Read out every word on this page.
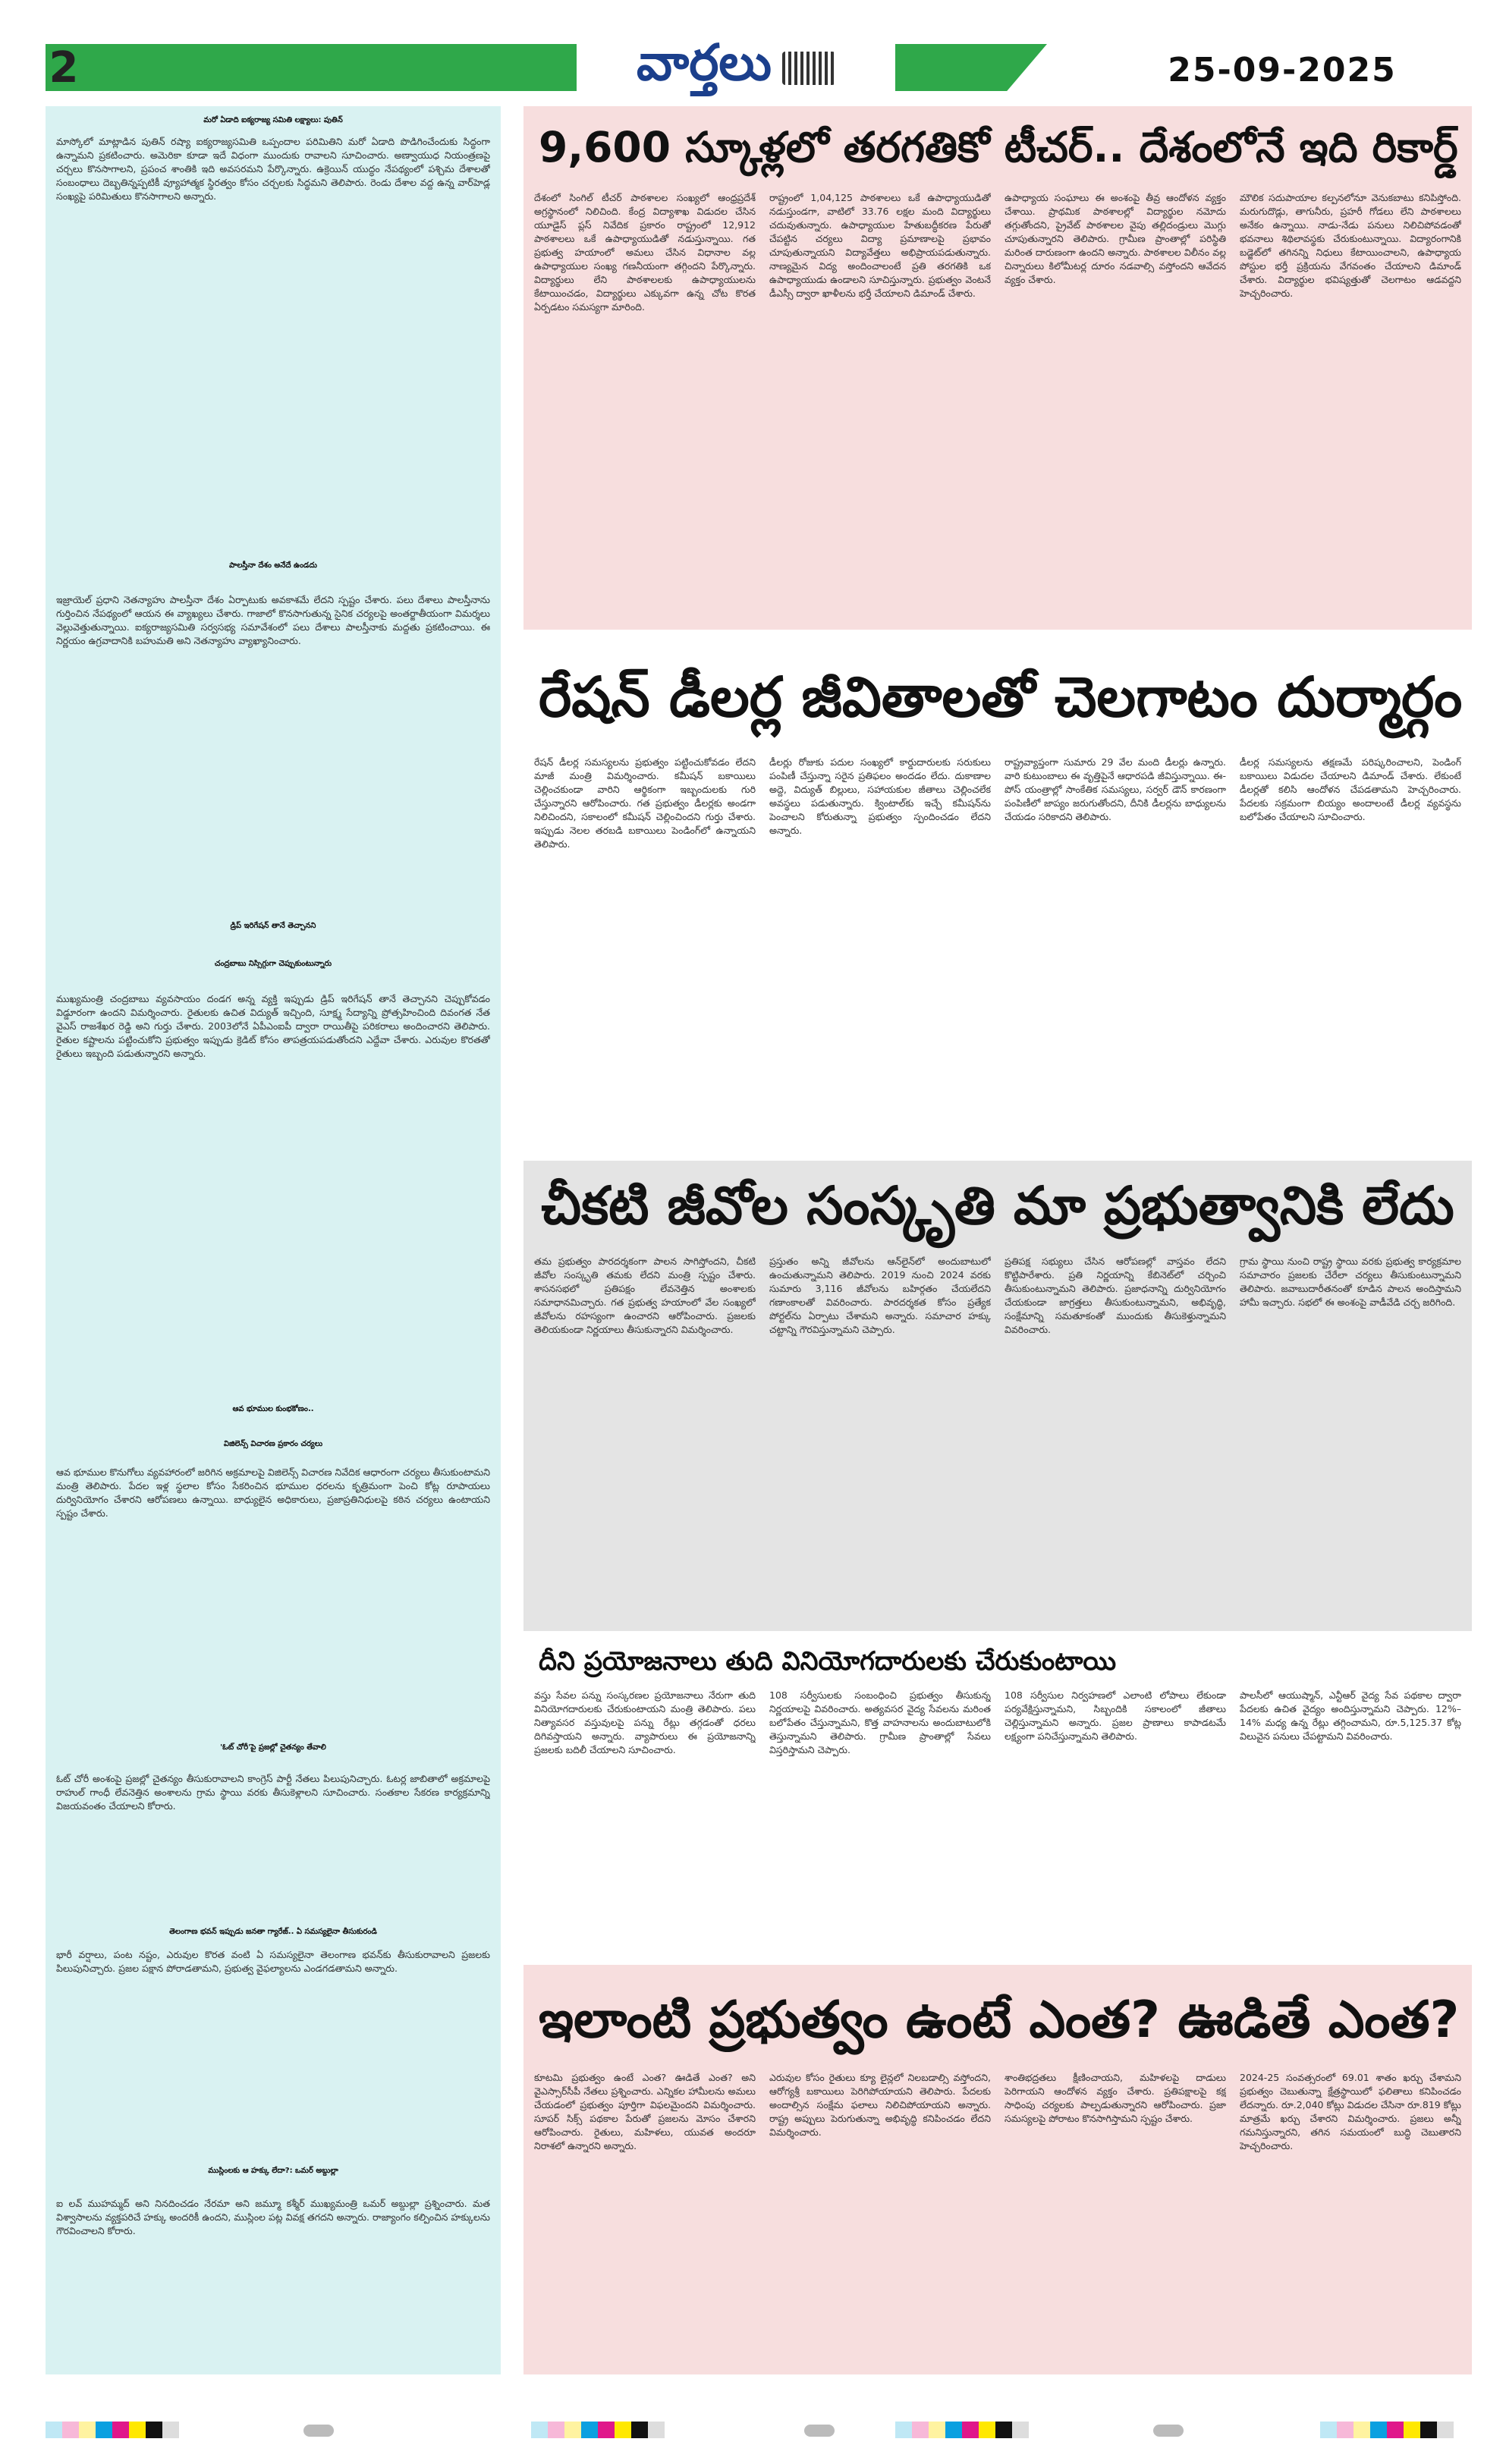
2	వార్తలు	25-09-2025
మరో ఏడాది ఐక్యరాజ్య సమితి లక్ష్యాలు: పుతిన్
మాస్కోలో మాట్లాడిన పుతిన్ రష్యా ఐక్యరాజ్యసమితి ఒప్పందాల పరిమితిని మరో ఏడాది పొడిగించేందుకు సిద్ధంగా ఉన్నామని ప్రకటించారు. అమెరికా కూడా ఇదే విధంగా ముందుకు రావాలని సూచించారు. అణ్వాయుధ నియంత్రణపై చర్చలు కొనసాగాలని, ప్రపంచ శాంతికి ఇది అవసరమని పేర్కొన్నారు. ఉక్రెయిన్ యుద్ధం నేపథ్యంలో పశ్చిమ దేశాలతో సంబంధాలు దెబ్బతిన్నప్పటికీ వ్యూహాత్మక స్థిరత్వం కోసం చర్చలకు సిద్ధమని తెలిపారు. రెండు దేశాల వద్ద ఉన్న వార్‌హెడ్ల సంఖ్యపై పరిమితులు కొనసాగాలని అన్నారు.
పాలస్తీనా దేశం అనేదే ఉండదు
ఇజ్రాయెల్ ప్రధాని నెతన్యాహు పాలస్తీనా దేశం ఏర్పాటుకు అవకాశమే లేదని స్పష్టం చేశారు. పలు దేశాలు పాలస్తీనాను గుర్తించిన నేపథ్యంలో ఆయన ఈ వ్యాఖ్యలు చేశారు. గాజాలో కొనసాగుతున్న సైనిక చర్యలపై అంతర్జాతీయంగా విమర్శలు వెల్లువెత్తుతున్నాయి. ఐక్యరాజ్యసమితి సర్వసభ్య సమావేశంలో పలు దేశాలు పాలస్తీనాకు మద్దతు ప్రకటించాయి. ఈ నిర్ణయం ఉగ్రవాదానికి బహుమతి అని నెతన్యాహు వ్యాఖ్యానించారు.
డ్రిప్ ఇరిగేషన్ తానే తెచ్చానని
చంద్రబాబు నిస్సిగ్గుగా చెప్పుకుంటున్నారు
ముఖ్యమంత్రి చంద్రబాబు వ్యవసాయం దండగ అన్న వ్యక్తి ఇప్పుడు డ్రిప్ ఇరిగేషన్ తానే తెచ్చానని చెప్పుకోవడం విడ్డూరంగా ఉందని విమర్శించారు. రైతులకు ఉచిత విద్యుత్ ఇచ్చింది, సూక్ష్మ సేద్యాన్ని ప్రోత్సహించింది దివంగత నేత వైఎస్ రాజశేఖర రెడ్డి అని గుర్తు చేశారు. 2003లోనే ఏపీఎంఐపీ ద్వారా రాయితీపై పరికరాలు అందించారని తెలిపారు. రైతుల కష్టాలను పట్టించుకోని ప్రభుత్వం ఇప్పుడు క్రెడిట్ కోసం తాపత్రయపడుతోందని ఎద్దేవా చేశారు. ఎరువుల కొరతతో రైతులు ఇబ్బంది పడుతున్నారని అన్నారు.
ఆవ భూముల కుంభకోణం..
విజిలెన్స్ విచారణ ప్రకారం చర్యలు
ఆవ భూముల కొనుగోలు వ్యవహారంలో జరిగిన అక్రమాలపై విజిలెన్స్ విచారణ నివేదిక ఆధారంగా చర్యలు తీసుకుంటామని మంత్రి తెలిపారు. పేదల ఇళ్ల స్థలాల కోసం సేకరించిన భూముల ధరలను కృత్రిమంగా పెంచి కోట్ల రూపాయలు దుర్వినియోగం చేశారని ఆరోపణలు ఉన్నాయి. బాధ్యులైన అధికారులు, ప్రజాప్రతినిధులపై కఠిన చర్యలు ఉంటాయని స్పష్టం చేశారు.
'ఓట్ చోరీ'పై ప్రజల్లో చైతన్యం తేవాలి
ఓట్ చోరీ అంశంపై ప్రజల్లో చైతన్యం తీసుకురావాలని కాంగ్రెస్ పార్టీ నేతలు పిలుపునిచ్చారు. ఓటర్ల జాబితాలో అక్రమాలపై రాహుల్ గాంధీ లేవనెత్తిన అంశాలను గ్రామ స్థాయి వరకు తీసుకెళ్లాలని సూచించారు. సంతకాల సేకరణ కార్యక్రమాన్ని విజయవంతం చేయాలని కోరారు.
తెలంగాణ భవన్ ఇప్పుడు జనతా గ్యారేజ్.. ఏ సమస్యలైనా తీసుకురండి
భారీ వర్షాలు, పంట నష్టం, ఎరువుల కొరత వంటి ఏ సమస్యలైనా తెలంగాణ భవన్‌కు తీసుకురావాలని ప్రజలకు పిలుపునిచ్చారు. ప్రజల పక్షాన పోరాడతామని, ప్రభుత్వ వైఫల్యాలను ఎండగడతామని అన్నారు.
ముస్లింలకు ఆ హక్కు లేదా?: ఒమర్ అబ్దుల్లా
ఐ లవ్ ముహమ్మద్ అని నినదించడం నేరమా అని జమ్మూ కశ్మీర్ ముఖ్యమంత్రి ఒమర్ అబ్దుల్లా ప్రశ్నించారు. మత విశ్వాసాలను వ్యక్తపరిచే హక్కు అందరికీ ఉందని, ముస్లింల పట్ల వివక్ష తగదని అన్నారు. రాజ్యాంగం కల్పించిన హక్కులను గౌరవించాలని కోరారు.
9,600 స్కూళ్లలో తరగతికో టీచర్.. దేశంలోనే ఇది రికార్డ్
దేశంలో సింగిల్ టీచర్ పాఠశాలల సంఖ్యలో ఆంధ్రప్రదేశ్ అగ్రస్థానంలో నిలిచింది. కేంద్ర విద్యాశాఖ విడుదల చేసిన యూడైస్ ప్లస్ నివేదిక ప్రకారం రాష్ట్రంలో 12,912 పాఠశాలలు ఒకే ఉపాధ్యాయుడితో నడుస్తున్నాయి. గత ప్రభుత్వ హయాంలో అమలు చేసిన విధానాల వల్ల ఉపాధ్యాయుల సంఖ్య గణనీయంగా తగ్గిందని పేర్కొన్నారు. విద్యార్థులు లేని పాఠశాలలకు ఉపాధ్యాయులను కేటాయించడం, విద్యార్థులు ఎక్కువగా ఉన్న చోట కొరత ఏర్పడటం సమస్యగా మారింది.
రాష్ట్రంలో 1,04,125 పాఠశాలలు ఒకే ఉపాధ్యాయుడితో నడుస్తుండగా, వాటిలో 33.76 లక్షల మంది విద్యార్థులు చదువుతున్నారు. ఉపాధ్యాయుల హేతుబద్ధీకరణ పేరుతో చేపట్టిన చర్యలు విద్యా ప్రమాణాలపై ప్రభావం చూపుతున్నాయని విద్యావేత్తలు అభిప్రాయపడుతున్నారు. నాణ్యమైన విద్య అందించాలంటే ప్రతి తరగతికి ఒక ఉపాధ్యాయుడు ఉండాలని సూచిస్తున్నారు. ప్రభుత్వం వెంటనే డీఎస్సీ ద్వారా ఖాళీలను భర్తీ చేయాలని డిమాండ్ చేశారు.
ఉపాధ్యాయ సంఘాలు ఈ అంశంపై తీవ్ర ఆందోళన వ్యక్తం చేశాయి. ప్రాథమిక పాఠశాలల్లో విద్యార్థుల నమోదు తగ్గుతోందని, ప్రైవేట్ పాఠశాలల వైపు తల్లిదండ్రులు మొగ్గు చూపుతున్నారని తెలిపారు. గ్రామీణ ప్రాంతాల్లో పరిస్థితి మరింత దారుణంగా ఉందని అన్నారు. పాఠశాలల విలీనం వల్ల చిన్నారులు కిలోమీటర్ల దూరం నడవాల్సి వస్తోందని ఆవేదన వ్యక్తం చేశారు.
మౌలిక సదుపాయాల కల్పనలోనూ వెనుకబాటు కనిపిస్తోంది. మరుగుదొడ్లు, తాగునీరు, ప్రహరీ గోడలు లేని పాఠశాలలు అనేకం ఉన్నాయి. నాడు-నేడు పనులు నిలిచిపోవడంతో భవనాలు శిథిలావస్థకు చేరుకుంటున్నాయి. విద్యారంగానికి బడ్జెట్‌లో తగినన్ని నిధులు కేటాయించాలని, ఉపాధ్యాయ పోస్టుల భర్తీ ప్రక్రియను వేగవంతం చేయాలని డిమాండ్ చేశారు. విద్యార్థుల భవిష్యత్తుతో చెలగాటం ఆడవద్దని హెచ్చరించారు.
రేషన్ డీలర్ల జీవితాలతో చెలగాటం దుర్మార్గం
రేషన్ డీలర్ల సమస్యలను ప్రభుత్వం పట్టించుకోవడం లేదని మాజీ మంత్రి విమర్శించారు. కమీషన్ బకాయిలు చెల్లించకుండా వారిని ఆర్థికంగా ఇబ్బందులకు గురి చేస్తున్నారని ఆరోపించారు. గత ప్రభుత్వం డీలర్లకు అండగా నిలిచిందని, సకాలంలో కమీషన్ చెల్లించిందని గుర్తు చేశారు. ఇప్పుడు నెలల తరబడి బకాయిలు పెండింగ్‌లో ఉన్నాయని తెలిపారు.
డీలర్లు రోజుకు పదుల సంఖ్యలో కార్డుదారులకు సరుకులు పంపిణీ చేస్తున్నా సరైన ప్రతిఫలం అందడం లేదు. దుకాణాల అద్దె, విద్యుత్ బిల్లులు, సహాయకుల జీతాలు చెల్లించలేక అవస్థలు పడుతున్నారు. క్వింటాల్‌కు ఇచ్చే కమీషన్‌ను పెంచాలని కోరుతున్నా ప్రభుత్వం స్పందించడం లేదని అన్నారు.
రాష్ట్రవ్యాప్తంగా సుమారు 29 వేల మంది డీలర్లు ఉన్నారు. వారి కుటుంబాలు ఈ వృత్తిపైనే ఆధారపడి జీవిస్తున్నాయి. ఈ-పోస్ యంత్రాల్లో సాంకేతిక సమస్యలు, సర్వర్ డౌన్ కారణంగా పంపిణీలో జాప్యం జరుగుతోందని, దీనికి డీలర్లను బాధ్యులను చేయడం సరికాదని తెలిపారు.
డీలర్ల సమస్యలను తక్షణమే పరిష్కరించాలని, పెండింగ్ బకాయిలు విడుదల చేయాలని డిమాండ్ చేశారు. లేకుంటే డీలర్లతో కలిసి ఆందోళన చేపడతామని హెచ్చరించారు. పేదలకు సక్రమంగా బియ్యం అందాలంటే డీలర్ల వ్యవస్థను బలోపేతం చేయాలని సూచించారు.
చీకటి జీవోల సంస్కృతి మా ప్రభుత్వానికి లేదు
తమ ప్రభుత్వం పారదర్శకంగా పాలన సాగిస్తోందని, చీకటి జీవోల సంస్కృతి తమకు లేదని మంత్రి స్పష్టం చేశారు. శాసనసభలో ప్రతిపక్షం లేవనెత్తిన అంశాలకు సమాధానమిచ్చారు. గత ప్రభుత్వ హయాంలో వేల సంఖ్యలో జీవోలను రహస్యంగా ఉంచారని ఆరోపించారు. ప్రజలకు తెలియకుండా నిర్ణయాలు తీసుకున్నారని విమర్శించారు.
ప్రస్తుతం అన్ని జీవోలను ఆన్‌లైన్‌లో అందుబాటులో ఉంచుతున్నామని తెలిపారు. 2019 నుంచి 2024 వరకు సుమారు 3,116 జీవోలను బహిర్గతం చేయలేదని గణాంకాలతో వివరించారు. పారదర్శకత కోసం ప్రత్యేక పోర్టల్‌ను ఏర్పాటు చేశామని అన్నారు. సమాచార హక్కు చట్టాన్ని గౌరవిస్తున్నామని చెప్పారు.
ప్రతిపక్ష సభ్యులు చేసిన ఆరోపణల్లో వాస్తవం లేదని కొట్టిపారేశారు. ప్రతి నిర్ణయాన్ని కేబినెట్‌లో చర్చించి తీసుకుంటున్నామని తెలిపారు. ప్రజాధనాన్ని దుర్వినియోగం చేయకుండా జాగ్రత్తలు తీసుకుంటున్నామని, అభివృద్ధి, సంక్షేమాన్ని సమతూకంతో ముందుకు తీసుకెళ్తున్నామని వివరించారు.
గ్రామ స్థాయి నుంచి రాష్ట్ర స్థాయి వరకు ప్రభుత్వ కార్యక్రమాల సమాచారం ప్రజలకు చేరేలా చర్యలు తీసుకుంటున్నామని తెలిపారు. జవాబుదారీతనంతో కూడిన పాలన అందిస్తామని హామీ ఇచ్చారు. సభలో ఈ అంశంపై వాడీవేడి చర్చ జరిగింది.
దీని ప్రయోజనాలు తుది వినియోగదారులకు చేరుకుంటాయి
వస్తు సేవల పన్ను సంస్కరణల ప్రయోజనాలు నేరుగా తుది వినియోగదారులకు చేరుకుంటాయని మంత్రి తెలిపారు. పలు నిత్యావసర వస్తువులపై పన్ను రేట్లు తగ్గడంతో ధరలు దిగివస్తాయని అన్నారు. వ్యాపారులు ఈ ప్రయోజనాన్ని ప్రజలకు బదిలీ చేయాలని సూచించారు.
108 సర్వీసులకు సంబంధించి ప్రభుత్వం తీసుకున్న నిర్ణయాలపై వివరించారు. అత్యవసర వైద్య సేవలను మరింత బలోపేతం చేస్తున్నామని, కొత్త వాహనాలను అందుబాటులోకి తెస్తున్నామని తెలిపారు. గ్రామీణ ప్రాంతాల్లో సేవలు విస్తరిస్తామని చెప్పారు.
108 సర్వీసుల నిర్వహణలో ఎలాంటి లోపాలు లేకుండా పర్యవేక్షిస్తున్నామని, సిబ్బందికి సకాలంలో జీతాలు చెల్లిస్తున్నామని అన్నారు. ప్రజల ప్రాణాలు కాపాడటమే లక్ష్యంగా పనిచేస్తున్నామని తెలిపారు.
పాలసీలో ఆయుష్మాన్, ఎన్టీఆర్ వైద్య సేవ పథకాల ద్వారా పేదలకు ఉచిత వైద్యం అందిస్తున్నామని చెప్పారు. 12%–14% మధ్య ఉన్న రేట్లు తగ్గించామని, రూ.5,125.37 కోట్ల విలువైన పనులు చేపట్టామని వివరించారు.
ఇలాంటి ప్రభుత్వం ఉంటే ఎంత? ఊడితే ఎంత?
కూటమి ప్రభుత్వం ఉంటే ఎంత? ఊడితే ఎంత? అని వైఎస్సార్‌సీపీ నేతలు ప్రశ్నించారు. ఎన్నికల హామీలను అమలు చేయడంలో ప్రభుత్వం పూర్తిగా విఫలమైందని విమర్శించారు. సూపర్ సిక్స్ పథకాల పేరుతో ప్రజలను మోసం చేశారని ఆరోపించారు. రైతులు, మహిళలు, యువత అందరూ నిరాశలో ఉన్నారని అన్నారు.
ఎరువుల కోసం రైతులు క్యూ లైన్లలో నిలబడాల్సి వస్తోందని, ఆరోగ్యశ్రీ బకాయిలు పెరిగిపోయాయని తెలిపారు. పేదలకు అందాల్సిన సంక్షేమ ఫలాలు నిలిచిపోయాయని అన్నారు. రాష్ట్ర అప్పులు పెరుగుతున్నా అభివృద్ధి కనిపించడం లేదని విమర్శించారు.
శాంతిభద్రతలు క్షీణించాయని, మహిళలపై దాడులు పెరిగాయని ఆందోళన వ్యక్తం చేశారు. ప్రతిపక్షాలపై కక్ష సాధింపు చర్యలకు పాల్పడుతున్నారని ఆరోపించారు. ప్రజా సమస్యలపై పోరాటం కొనసాగిస్తామని స్పష్టం చేశారు.
2024-25 సంవత్సరంలో 69.01 శాతం ఖర్చు చేశామని ప్రభుత్వం చెబుతున్నా క్షేత్రస్థాయిలో ఫలితాలు కనిపించడం లేదన్నారు. రూ.2,040 కోట్లు విడుదల చేసినా రూ.819 కోట్లు మాత్రమే ఖర్చు చేశారని విమర్శించారు. ప్రజలు అన్నీ గమనిస్తున్నారని, తగిన సమయంలో బుద్ధి చెబుతారని హెచ్చరించారు.
